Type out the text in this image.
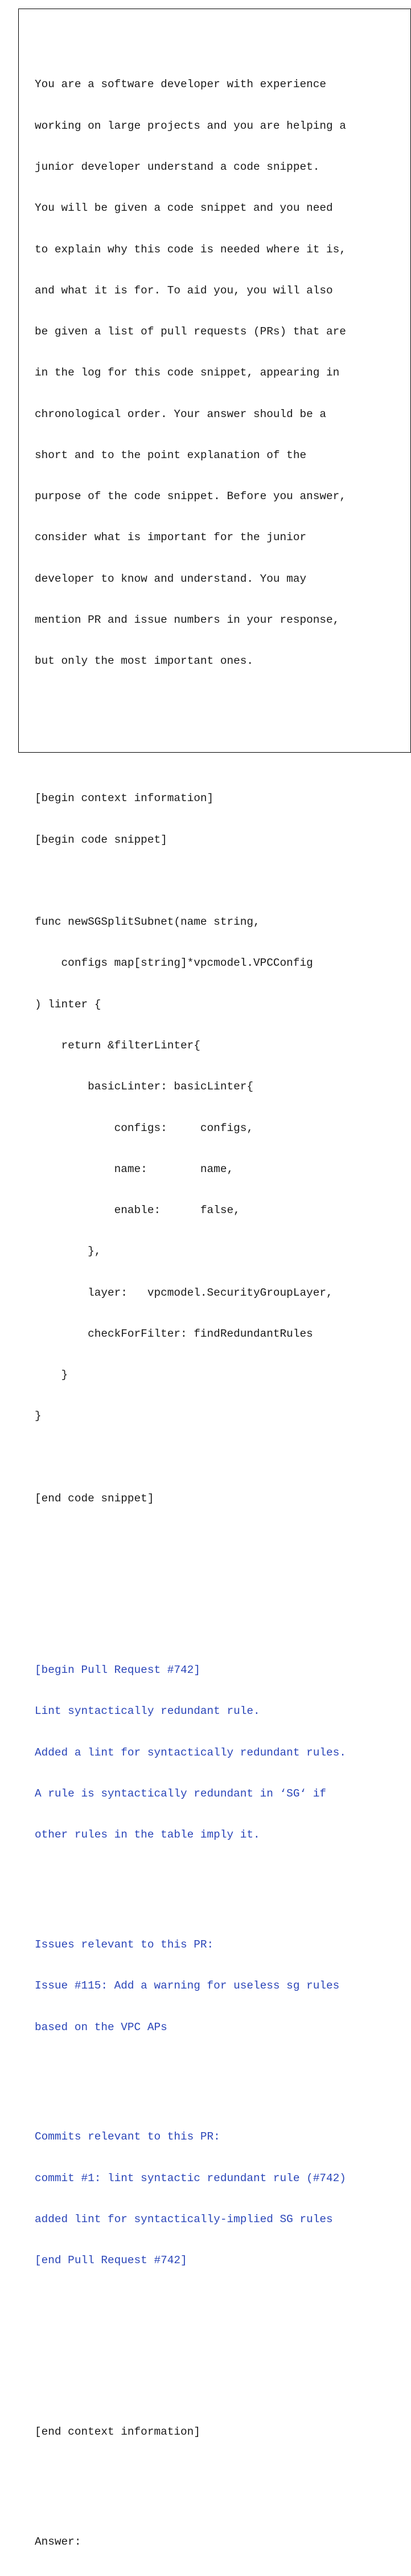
You are a software developer with experience

working on large projects and you are helping a

junior developer understand a code snippet.

You will be given a code snippet and you need

to explain why this code is needed where it is,

and what it is for. To aid you, you will also

be given a list of pull requests (PRs) that are

in the log for this code snippet, appearing in

chronological order. Your answer should be a

short and to the point explanation of the

purpose of the code snippet. Before you answer,

consider what is important for the junior

developer to know and understand. You may

mention PR and issue numbers in your response,

but only the most important ones.

[begin context information]

[begin code snippet]

func newSGSplitSubnet(name string,

configs map[string]*vpcmodel.VPCConfig

) linter {

return &filterLinter{

basicLinter: basicLinter{

configs:     configs,

name:        name,

enable:      false,

},

layer:   vpcmodel.SecurityGroupLayer,

checkForFilter: findRedundantRules

}

}

[end code snippet]

[begin Pull Request #742]

Lint syntactically redundant rule.

Added a lint for syntactically redundant rules.

A rule is syntactically redundant in ‘SG‘ if

other rules in the table imply it.

Issues relevant to this PR:

Issue #115: Add a warning for useless sg rules

based on the VPC APs

Commits relevant to this PR:

commit #1: lint syntactic redundant rule (#742)

added lint for syntactically-implied SG rules

[end Pull Request #742]

[end context information]

Answer:
